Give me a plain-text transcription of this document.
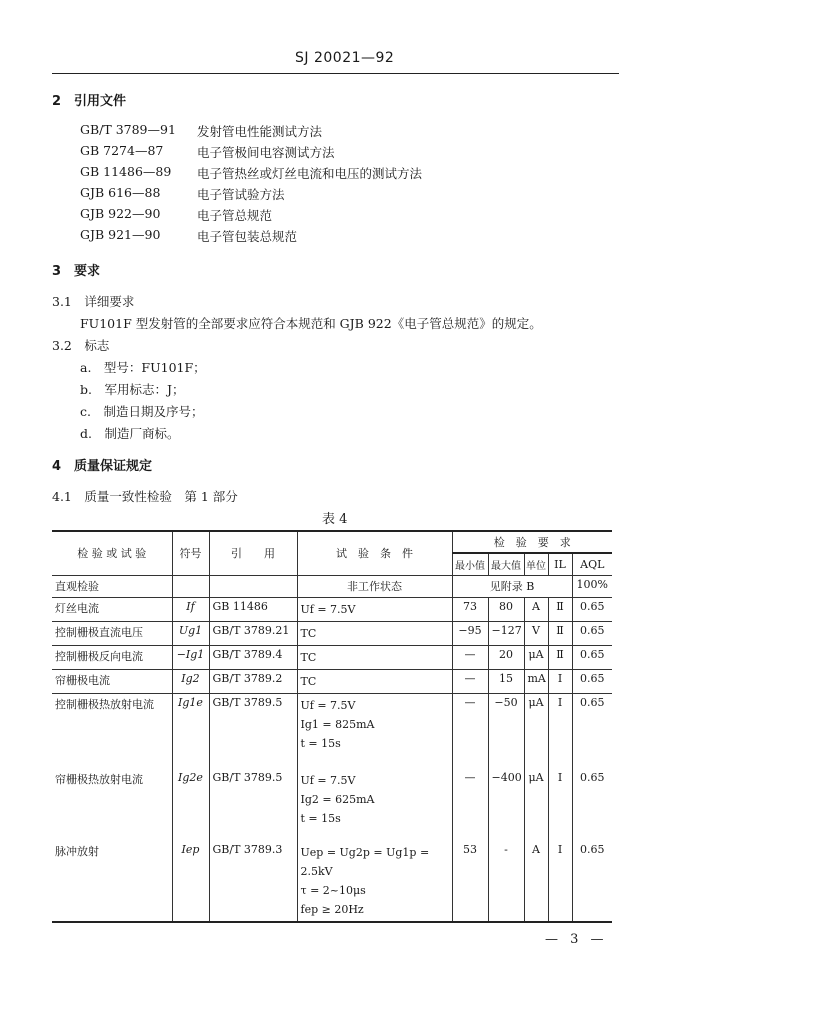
SJ 20021—92
2　引用文件
GB/T 3789—91 发射管电性能测试方法
GB 7274—87	电子管极间电容测试方法
GB 11486—89 电子管热丝或灯丝电流和电压的测试方法
GJB 616—88	电子管试验方法
GJB 922—90	电子管总规范
GJB 921—90	电子管包装总规范
3　要求
3.1　详细要求
FU101F 型发射管的全部要求应符合本规范和 GJB 922《电子管总规范》的规定。
3.2　标志
a.　型号：FU101F；
b.　军用标志：J；
c.　制造日期及序号；
d.　制造厂商标。
4　质量保证规定
4.1　质量一致性检验　第 1 部分
表 4
检 验 或 试 验	符号	引　　用	试　验　条　件	检　验　要　求				
				最小值	最大值	单位	IL	AQL
直观检验			非工作状态	见附录 B				100%
灯丝电流	If	GB 11486	Uf = 7.5V	73	80	A	Ⅱ	0.65
控制栅极直流电压	Ug1	GB/T 3789.21	TC	−95	−127	V	Ⅱ	0.65
控制栅极反向电流	−Ig1	GB/T 3789.4	TC	—	20	μA	Ⅱ	0.65
帘栅极电流	Ig2	GB/T 3789.2	TC	—	15	mA	Ⅰ	0.65
控制栅极热放射电流	Ig1e	GB/T 3789.5	Uf = 7.5V
Ig1 = 825mA
t = 15s	—	−50	μA	Ⅰ	0.65
帘栅极热放射电流	Ig2e	GB/T 3789.5	Uf = 7.5V
Ig2 = 625mA
t = 15s	—	−400	μA	Ⅰ	0.65
脉冲放射	Iep	GB/T 3789.3	Uep = Ug2p = Ug1p = 2.5kV
τ = 2~10μs
fep ≥ 20Hz	53	-	A	Ⅰ	0.65
— 3 —
